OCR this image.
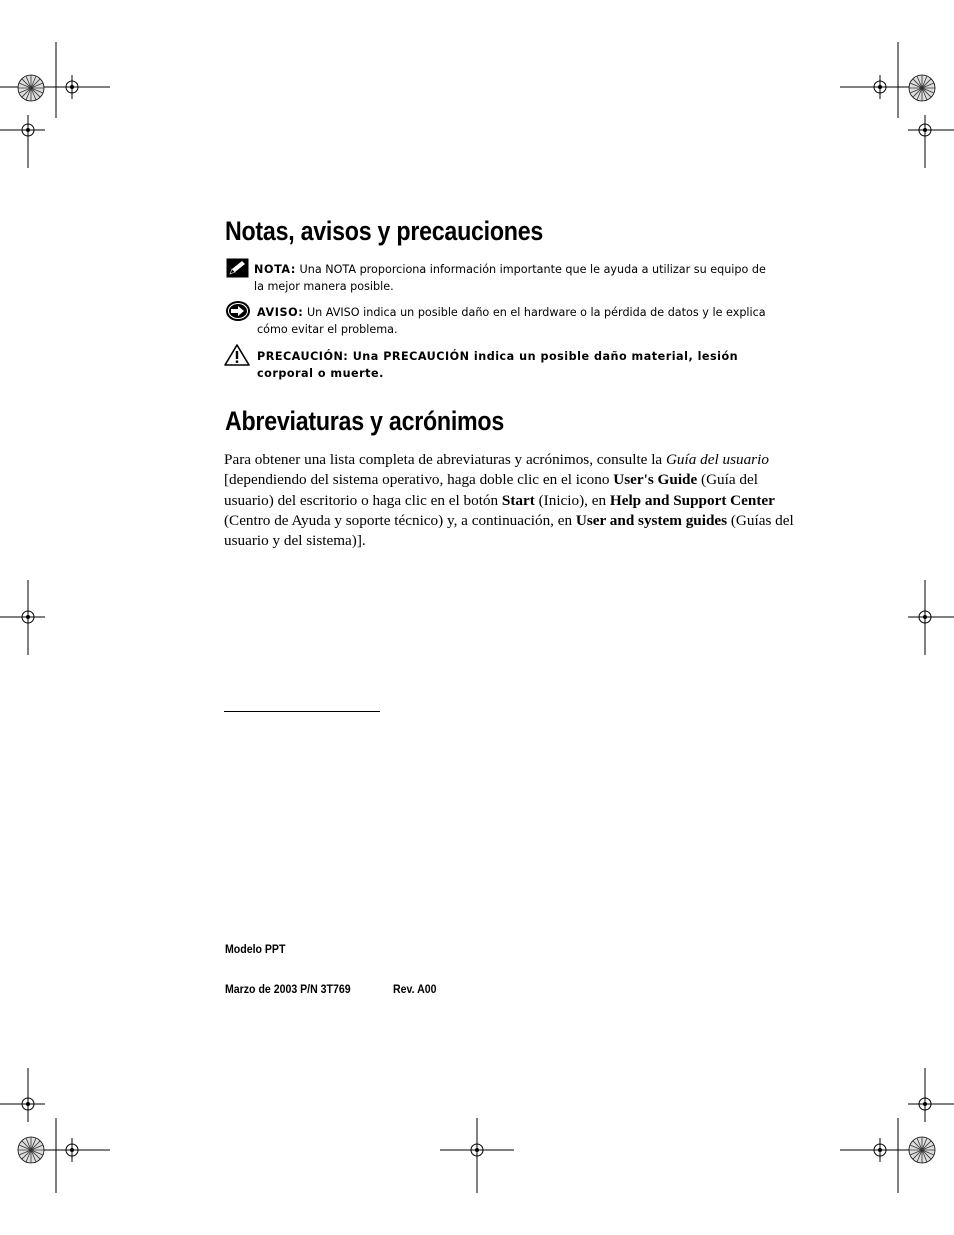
Notas, avisos y precauciones
NOTA: Una NOTA proporciona información importante que le ayuda a utilizar su equipo de
la mejor manera posible.
AVISO: Un AVISO indica un posible daño en el hardware o la pérdida de datos y le explica
cómo evitar el problema.
PRECAUCIÓN: Una PRECAUCIÓN indica un posible daño material, lesión
corporal o muerte.
Abreviaturas y acrónimos
Para obtener una lista completa de abreviaturas y acrónimos, consulte la Guía del usuario [dependiendo del sistema operativo, haga doble clic en el icono User's Guide (Guía del usuario) del escritorio o haga clic en el botón Start (Inicio), en Help and Support Center (Centro de Ayuda y soporte técnico) y, a continuación, en User and system guides (Guías del usuario y del sistema)].
Modelo PPT
Marzo de 2003 P/N 3T769	Rev. A00
